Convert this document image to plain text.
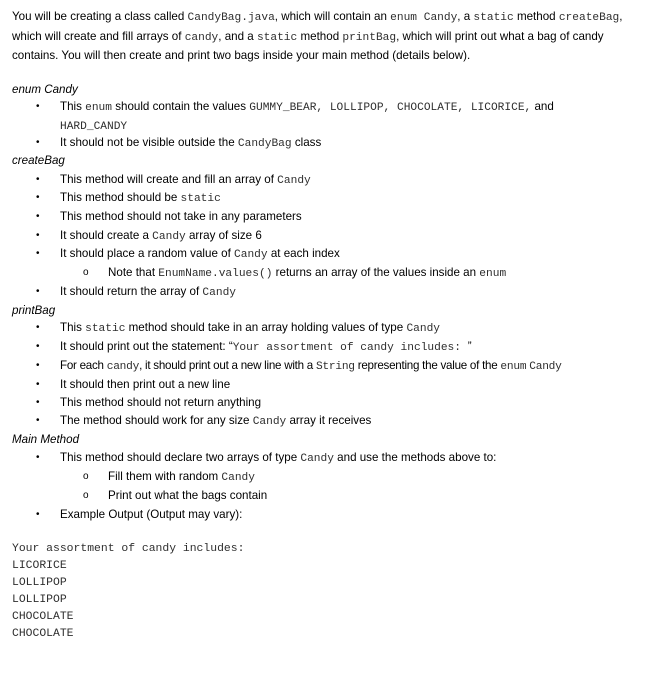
You will be creating a class called CandyBag.java, which will contain an enum Candy, a static method createBag, which will create and fill arrays of candy, and a static method printBag, which will print out what a bag of candy contains. You will then create and print two bags inside your main method (details below).
enum Candy
• This enum should contain the values GUMMY_BEAR, LOLLIPOP, CHOCOLATE, LICORICE, and
HARD_CANDY
• It should not be visible outside the CandyBag class
createBag
• This method will create and fill an array of Candy
• This method should be static
• This method should not take in any parameters
• It should create a Candy array of size 6
• It should place a random value of Candy at each index
o Note that EnumName.values() returns an array of the values inside an enum
• It should return the array of Candy
printBag
• This static method should take in an array holding values of type Candy
• It should print out the statement: “Your assortment of candy includes: ”
• For each candy, it should print out a new line with a String representing the value of the enum Candy
• It should then print out a new line
• This method should not return anything
• The method should work for any size Candy array it receives
Main Method
• This method should declare two arrays of type Candy and use the methods above to:
o Fill them with random Candy
o Print out what the bags contain
• Example Output (Output may vary):
Your assortment of candy includes:
LICORICE
LOLLIPOP
LOLLIPOP
CHOCOLATE
CHOCOLATE
